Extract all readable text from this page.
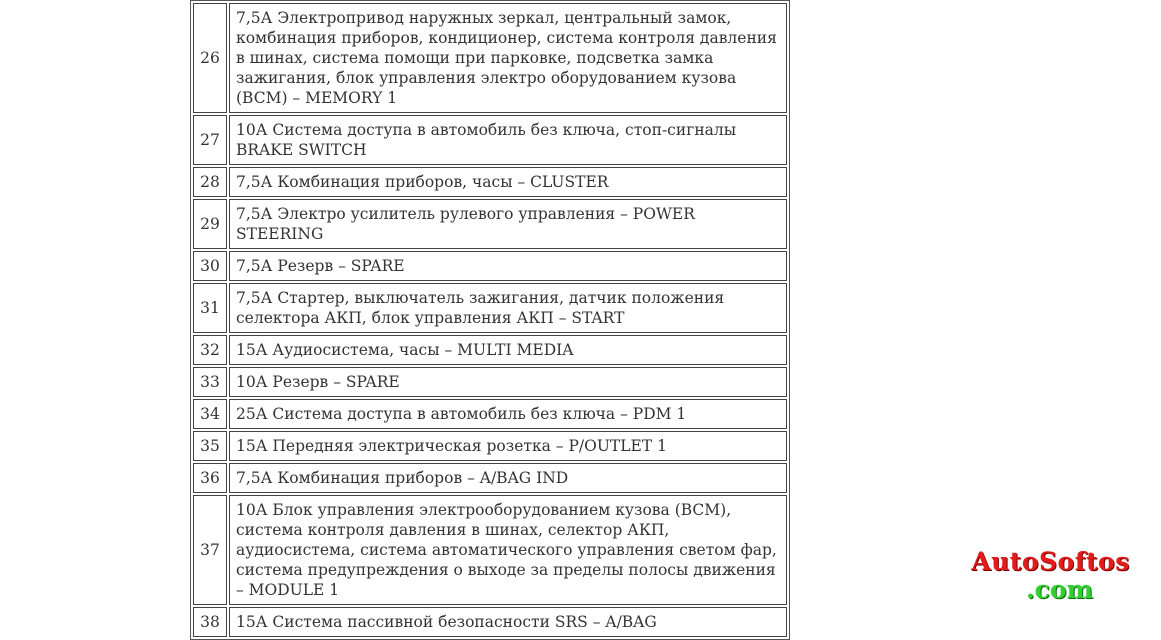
26	7,5А Электропривод наружных зеркал, центральный замок, комбинация приборов, кондиционер, система контроля давления в шинах, система помощи при парковке, подсветка замка зажигания, блок управления электро оборудованием кузова (BCM) – MEMORY 1
27	10А Система доступа в автомобиль без ключа, стоп-сигналы BRAKE SWITCH
28	7,5А Комбинация приборов, часы – CLUSTER
29	7,5А Электро усилитель рулевого управления – POWER STEERING
30	7,5А Резерв – SPARE
31	7,5А Стартер, выключатель зажигания, датчик положения селектора АКП, блок управления АКП – START
32	15А Аудиосистема, часы – MULTI MEDIA
33	10А Резерв – SPARE
34	25А Система доступа в автомобиль без ключа – PDM 1
35	15А Передняя электрическая розетка – P/OUTLET 1
36	7,5А Комбинация приборов – A/BAG IND
37	10А Блок управления электрооборудованием кузова (BCM), система контроля давления в шинах, селектор АКП, аудиосистема, система автоматического управления светом фар, система предупреждения о выходе за пределы полосы движения – MODULE 1
38	15А Система пассивной безопасности SRS – A/BAG
AutoSoftos
.com
